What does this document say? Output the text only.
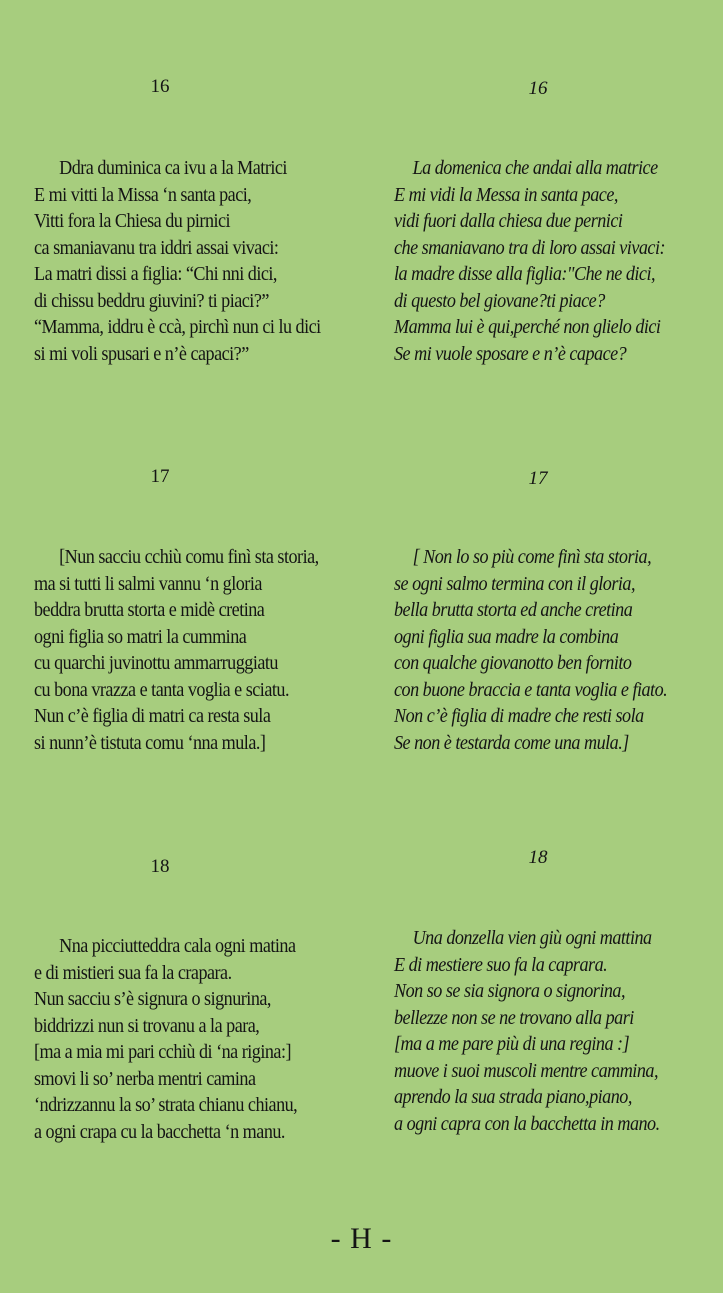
16	16
Ddra duminica ca ivu a la Matrici
E mi vitti la Missa ‘n santa paci,
Vitti fora la Chiesa du pirnici
ca smaniavanu tra iddri assai vivaci:
La matri dissi a figlia: “Chi nni dici,
di chissu beddru giuvini? ti piaci?”
“Mamma, iddru è ccà, pirchì nun ci lu dici
si mi voli spusari e n’è capaci?”
La domenica che andai alla matrice
E mi vidi la Messa in santa pace,
vidi fuori dalla chiesa due pernici
che smaniavano tra di loro assai vivaci:
la madre disse alla figlia:"Che ne dici,
di questo bel giovane?ti piace?
Mamma lui è qui,perché non glielo dici
Se mi vuole sposare e n’è capace?
17	17
[Nun sacciu cchiù comu finì sta storia,
ma si tutti li salmi vannu ‘n gloria
beddra brutta storta e midè cretina
ogni figlia so matri la cummina
cu quarchi juvinottu ammarruggiatu
cu bona vrazza e tanta voglia e sciatu.
Nun c’è figlia di matri ca resta sula
si nunn’è tistuta comu ‘nna mula.]
[ Non lo so più come finì sta storia,
se ogni salmo termina con il gloria,
bella brutta storta ed anche cretina
ogni figlia sua madre la combina
con qualche giovanotto ben fornito
con buone braccia e tanta voglia e fiato.
Non c’è figlia di madre che resti sola
Se non è testarda come una mula.]
18	18
Nna picciutteddra cala ogni matina
e di mistieri sua fa la crapara.
Nun sacciu s’è signura o signurina,
biddrizzi nun si trovanu a la para,
[ma a mia mi pari cchiù di ‘na rigina:]
smovi li so’ nerba mentri camina
‘ndrizzannu la so’ strata chianu chianu,
a ogni crapa cu la bacchetta ‘n manu.
Una donzella vien giù ogni mattina
E di mestiere suo fa la caprara.
Non so se sia signora o signorina,
bellezze non se ne trovano alla pari
[ma a me pare più di una regina :]
muove i suoi muscoli mentre cammina,
aprendo la sua strada piano,piano,
a ogni capra con la bacchetta in mano.
- H -
